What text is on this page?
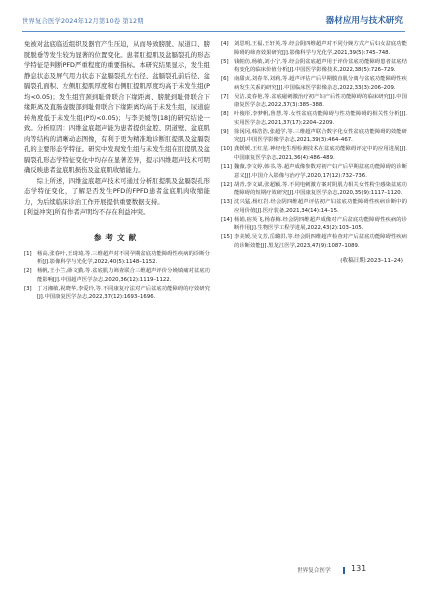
世界复合医学2024年12月第10卷 第12期	器材应用与技术研究

免被对盆底临近组织及器官产生压迫，从而导致膀胱、尿道口、膀胱脱垂等发生较为显著的位置变化。患者肛提肌及盆膈裂孔的形态学特征是判断PFD严重程度的重要指标。本研究结果显示，发生组静息状态及屏气用力状态下盆膈裂孔左右径、盆膈裂孔前后径、盆膈裂孔面积、左侧肛提肌厚度和右侧肛提肌厚度均高于未发生组(P均<0.05)；发生组宫颈到耻骨联合下缘距离、膀胱到耻骨联合下缘距离及直肠壶腹部到耻骨联合下缘距离均高于未发生组，尿道旋转角度低于未发生组(P均<0.05)；与李美媛等[18]的研究结论一致。分析原因：四维盆底超声能为患者提供盆腔、阴道壁、盆底肌肉等结构的清晰动态图像，有利于更为精准地诊断肛提肌及盆膈裂孔的主要形态学特征。研究中发现发生组与未发生组在肛提肌及盆膈裂孔形态学特征变化中均存在显著差异，提示四维超声技术可明确反映患者盆底肌损伤及盆底肌收缩能力。

综上所述，四维盆底超声技术可通过分析肛提肌及盆膈裂孔形态学特征变化，了解是否发生PFD的FPFD患者盆底肌肉收缩能力，为后续临床诊治工作开展提供重要数据支持。

[利益冲突]所有作者声明均不存在利益冲突。

参考文献
[1]	杨高,张春叶,王琦琦,等.三维超声对不同孕期盆底功能障碍性疾病的诊断分析[J].影像科学与光化学,2022,40(5):1148–1152.
[2]	杨帆,王小兰,薛文勤,等.盆底肌力筛查联合三维超声评价分娩镇痛对盆底功能影响[J].中国超声医学杂志,2020,36(12):1119–1122.
[3]	丁习湘敏,祝晓华,李爱玲,等.不同康复疗法对产后盆底功能障碍的疗效研究[J].中国康复医学杂志,2022,37(12):1693–1696.
[4]	刘思明,王福,王轩英,等.经会阴四维超声对不同分娩方式产后妇女盆底功能障碍的筛查效果研究[J].影像科学与光化学,2021,39(5):745–748.
[5]	钱帕仿,杨敏,刘小宁,等.经会阴盆底超声用于评价盆底功能障碍患者盆底结构变化的临床价值分析[J].中国医学影像技术,2022,38(5):726–729.
[6]	南甜贞,刘春莘,刘莉,等.超声评估产后早期膜直肌分离与盆底功能障碍性疾病发生关系的研究[J].中国临床医学影像杂志,2022,33(3):206–209.
[7]	吴洁,麦春艳,等.盆底磁刺激治疗初产妇产后性功能障碍的临床研究[J].中国康复医学杂志,2022,37(3):385–388.
[8]	叶俊彤,李梦帆,鲁慧,等.女性盆底功能障碍与性功能障碍的相关性分析[J].实用医学杂志,2021,37(17):2204–2209.
[9]	徐冈冈,韩浩浩,张超学,等.三维超声联合数字化女性盆底功能障碍的效能研究[J].中国医学影像学杂志,2021,39(3):464–467.
[10] 龚媛媛,王红星.神经电生理检测技术在盆底功能障碍评定中的应用进展[J].中国康复医学杂志,2021,36(4):486–489.
[11] 魏薇,李文婷,韩书,等.超声成像参数对初产妇产后早期盆底功能障碍的诊断意义[J].中国介入影像与治疗学,2020,17(12):732–736.
[12] 胡青,李文斌,张超颖,等.不同电刺激方案对阴肌力相关女性粉尘感染盆底功能障碍的短期疗效研究[J].中国康复医学杂志,2020,35(9):1117–1120.
[13] 沈兴猛,杨红岩.经会阴四维超声评估初产妇盆底功能障碍性疾病诊断中的应用价值[J].医疗装备,2021,34(14):14–15.
[14] 杨娟,宿英飞,杨春梅.经会阴四维超声成像对产后盆底功能障碍性疾病的诊断作用[J].生物医学工程学进展,2022,43(2):103–105.
[15] 李美媛,吴文芳,岳璐洪,等.经会阴四维超声检查对产后盆底功能障碍性疾病的诊断效能[J].黑龙江医学,2023,47(9):1087–1089.
(收稿日期:2023–11–24)
世界复合医学	131
